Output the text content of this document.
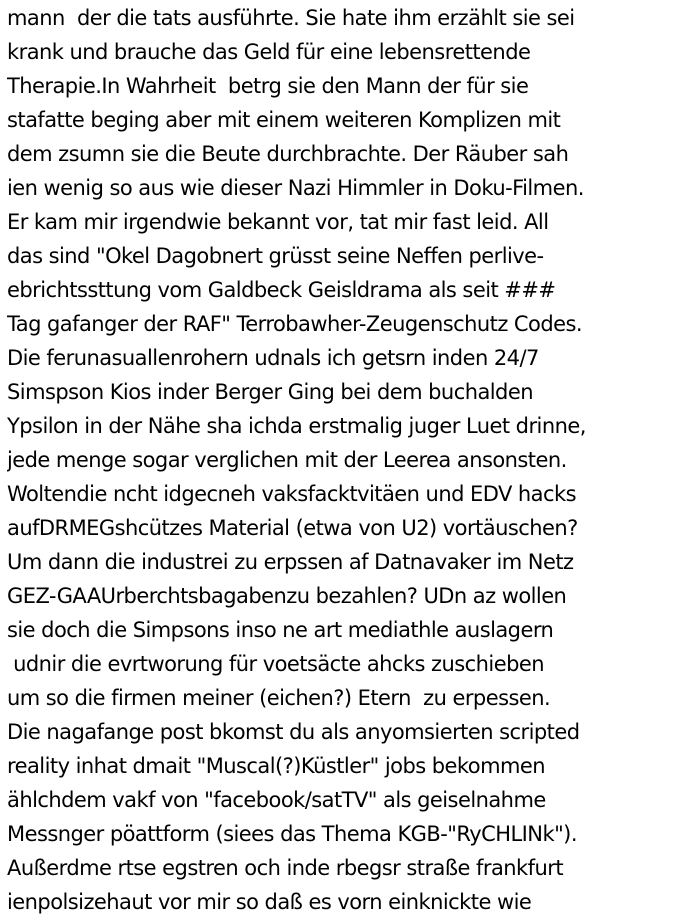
mann  der die tats ausführte. Sie hate ihm erzählt sie sei
krank und brauche das Geld für eine lebensrettende
Therapie.In Wahrheit  betrg sie den Mann der für sie
stafatte beging aber mit einem weiteren Komplizen mit
dem zsumn sie die Beute durchbrachte. Der Räuber sah
ien wenig so aus wie dieser Nazi Himmler in Doku-Filmen.
Er kam mir irgendwie bekannt vor, tat mir fast leid. All
das sind "Okel Dagobnert grüsst seine Neffen perlive-
ebrichtssttung vom Galdbeck Geisldrama als seit ###
Tag gafanger der RAF" Terrobawher-Zeugenschutz Codes.
Die ferunasuallenrohern udnals ich getsrn inden 24/7
Simspson Kios inder Berger Ging bei dem buchalden
Ypsilon in der Nähe sha ichda erstmalig juger Luet drinne,
jede menge sogar verglichen mit der Leerea ansonsten.
Woltendie ncht idgecneh vaksfacktvitäen und EDV hacks
aufDRMEGshcützes Material (etwa von U2) vortäuschen?
Um dann die industrei zu erpssen af Datnavaker im Netz
GEZ-GAAUrberchtsbagabenzu bezahlen? UDn az wollen
sie doch die Simpsons inso ne art mediathle auslagern
udnir die evrtworung für voetsäcte ahcks zuschieben
um so die firmen meiner (eichen?) Etern  zu erpessen.
Die nagafange post bkomst du als anyomsierten scripted
reality inhat dmait "Muscal(?)Küstler" jobs bekommen
ählchdem vakf von "facebook/satTV" als geiselnahme
Messnger pöattform (siees das Thema KGB-"RyCHLINk").
Außerdme rtse egstren och inde rbegsr straße frankfurt
ienpolsizehaut vor mir so daß es vorn einknickte wie
